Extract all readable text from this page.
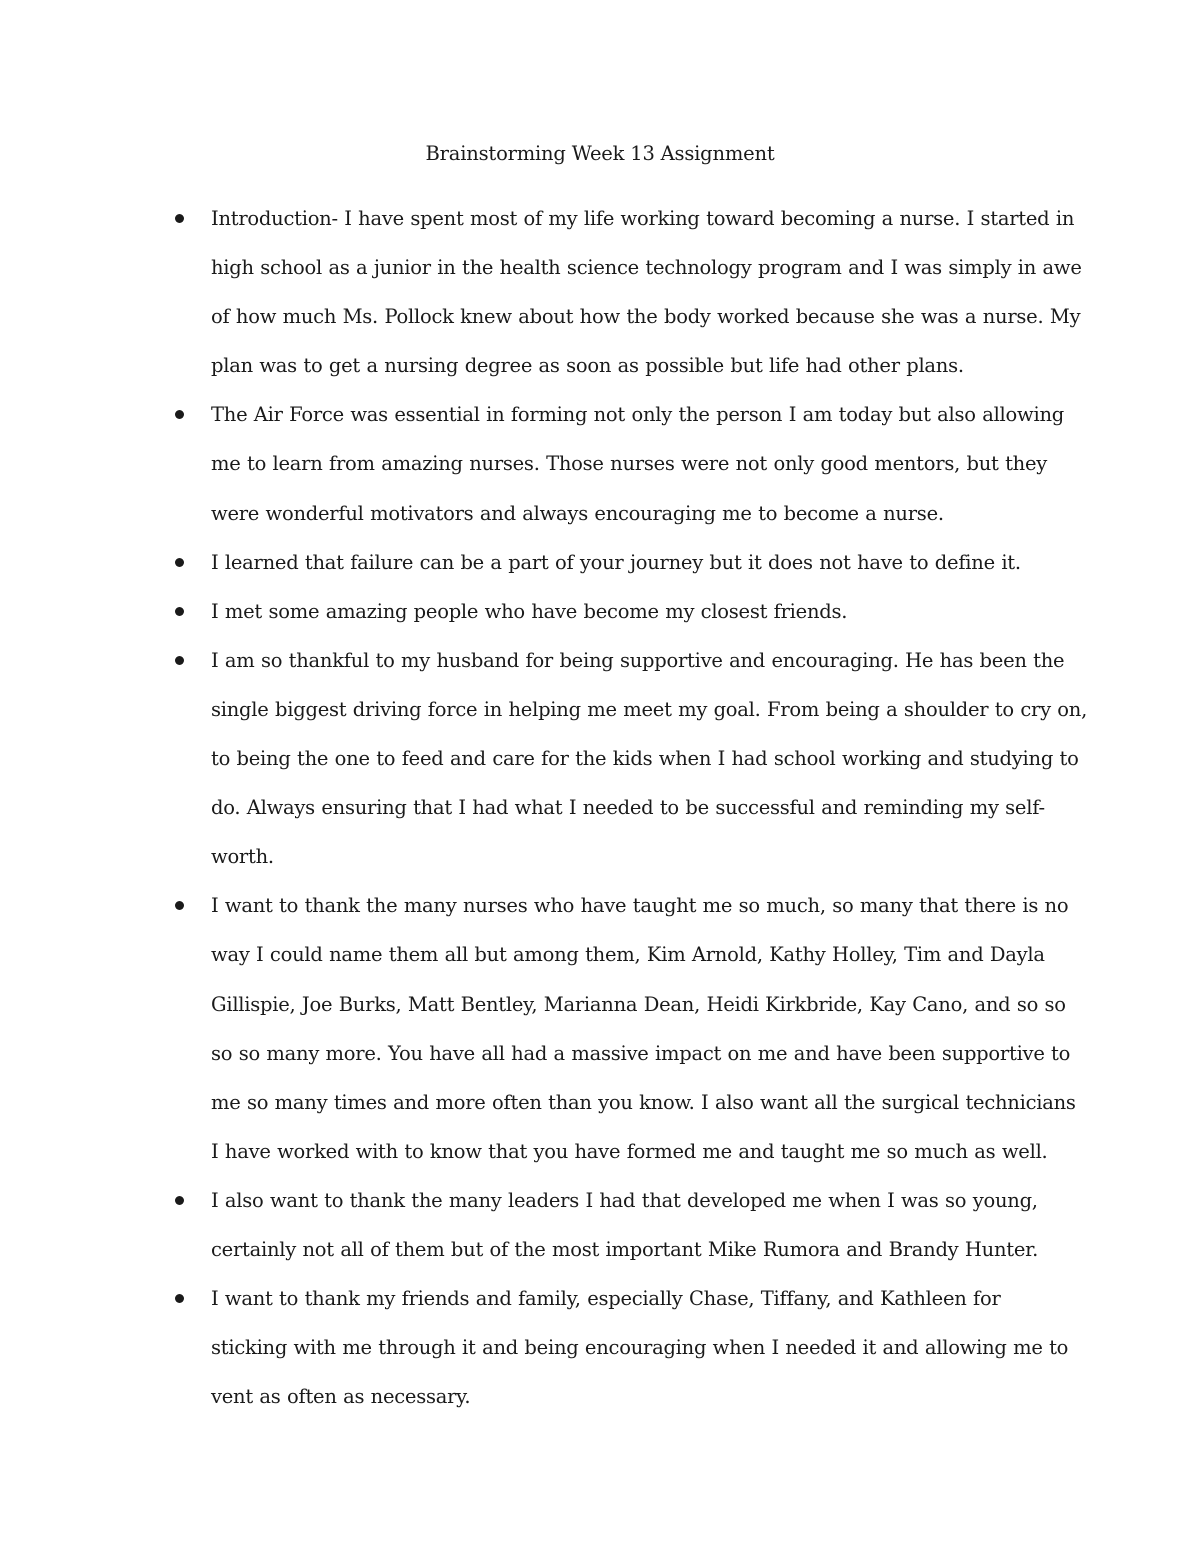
Brainstorming Week 13 Assignment
Introduction- I have spent most of my life working toward becoming a nurse. I started in
high school as a junior in the health science technology program and I was simply in awe
of how much Ms. Pollock knew about how the body worked because she was a nurse. My
plan was to get a nursing degree as soon as possible but life had other plans.
The Air Force was essential in forming not only the person I am today but also allowing
me to learn from amazing nurses. Those nurses were not only good mentors, but they
were wonderful motivators and always encouraging me to become a nurse.
I learned that failure can be a part of your journey but it does not have to define it.
I met some amazing people who have become my closest friends.
I am so thankful to my husband for being supportive and encouraging. He has been the
single biggest driving force in helping me meet my goal. From being a shoulder to cry on,
to being the one to feed and care for the kids when I had school working and studying to
do. Always ensuring that I had what I needed to be successful and reminding my self-
worth.
I want to thank the many nurses who have taught me so much, so many that there is no
way I could name them all but among them, Kim Arnold, Kathy Holley, Tim and Dayla
Gillispie, Joe Burks, Matt Bentley, Marianna Dean, Heidi Kirkbride, Kay Cano, and so so
so so many more. You have all had a massive impact on me and have been supportive to
me so many times and more often than you know. I also want all the surgical technicians
I have worked with to know that you have formed me and taught me so much as well.
I also want to thank the many leaders I had that developed me when I was so young,
certainly not all of them but of the most important Mike Rumora and Brandy Hunter.
I want to thank my friends and family, especially Chase, Tiffany, and Kathleen for
sticking with me through it and being encouraging when I needed it and allowing me to
vent as often as necessary.
